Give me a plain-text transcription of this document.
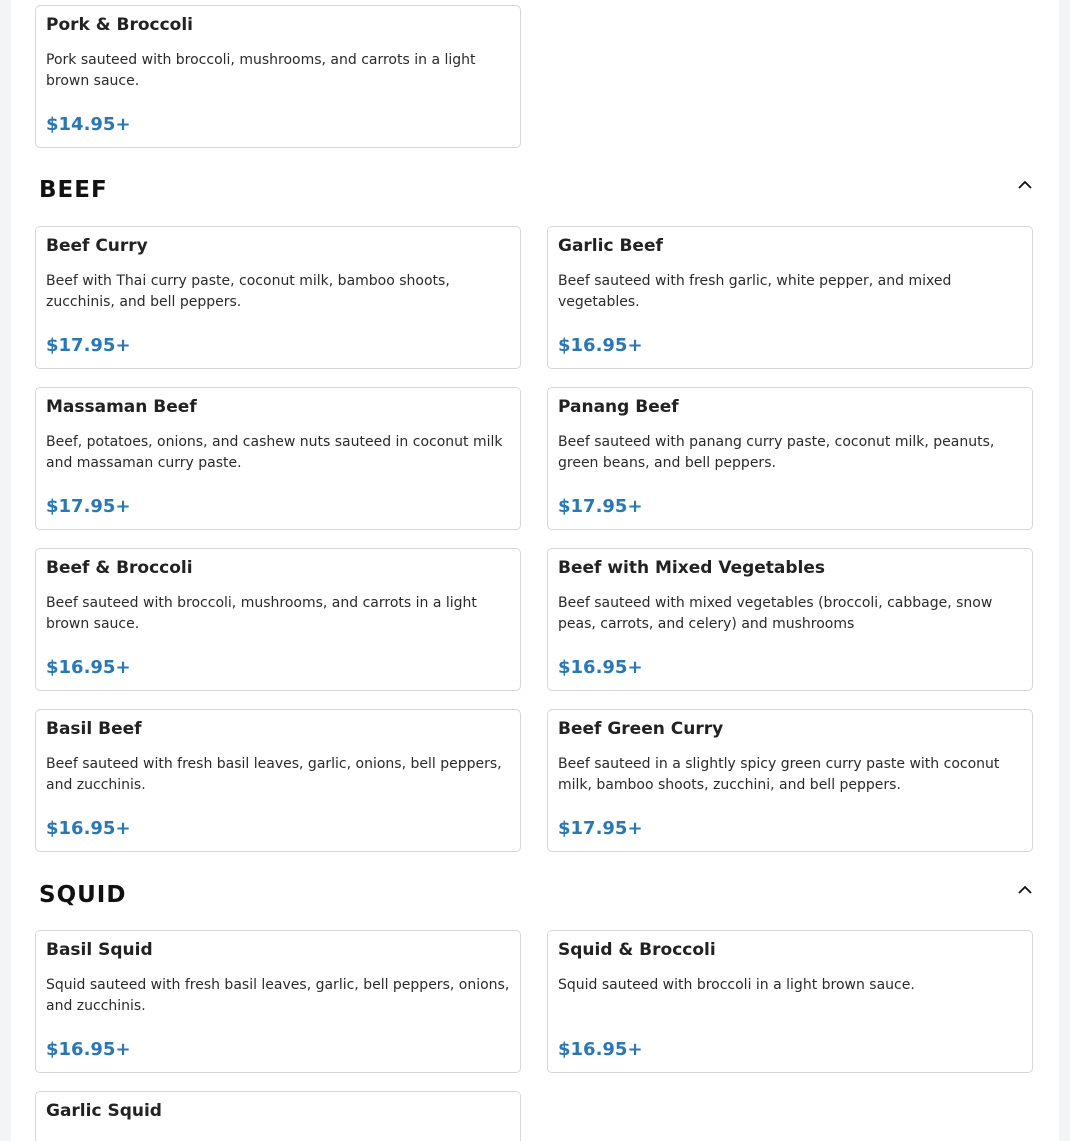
Pork & Broccoli
Pork sauteed with broccoli, mushrooms, and carrots in a light brown sauce.
$14.95+
BEEF
Beef Curry
Beef with Thai curry paste, coconut milk, bamboo shoots, zucchinis, and bell peppers.
$17.95+
Garlic Beef
Beef sauteed with fresh garlic, white pepper, and mixed vegetables.
$16.95+
Massaman Beef
Beef, potatoes, onions, and cashew nuts sauteed in coconut milk and massaman curry paste.
$17.95+
Panang Beef
Beef sauteed with panang curry paste, coconut milk, peanuts, green beans, and bell peppers.
$17.95+
Beef & Broccoli
Beef sauteed with broccoli, mushrooms, and carrots in a light brown sauce.
$16.95+
Beef with Mixed Vegetables
Beef sauteed with mixed vegetables (broccoli, cabbage, snow peas, carrots, and celery) and mushrooms
$16.95+
Basil Beef
Beef sauteed with fresh basil leaves, garlic, onions, bell peppers, and zucchinis.
$16.95+
Beef Green Curry
Beef sauteed in a slightly spicy green curry paste with coconut milk, bamboo shoots, zucchini, and bell peppers.
$17.95+
SQUID
Basil Squid
Squid sauteed with fresh basil leaves, garlic, bell peppers, onions, and zucchinis.
$16.95+
Squid & Broccoli
Squid sauteed with broccoli in a light brown sauce.
$16.95+
Garlic Squid
